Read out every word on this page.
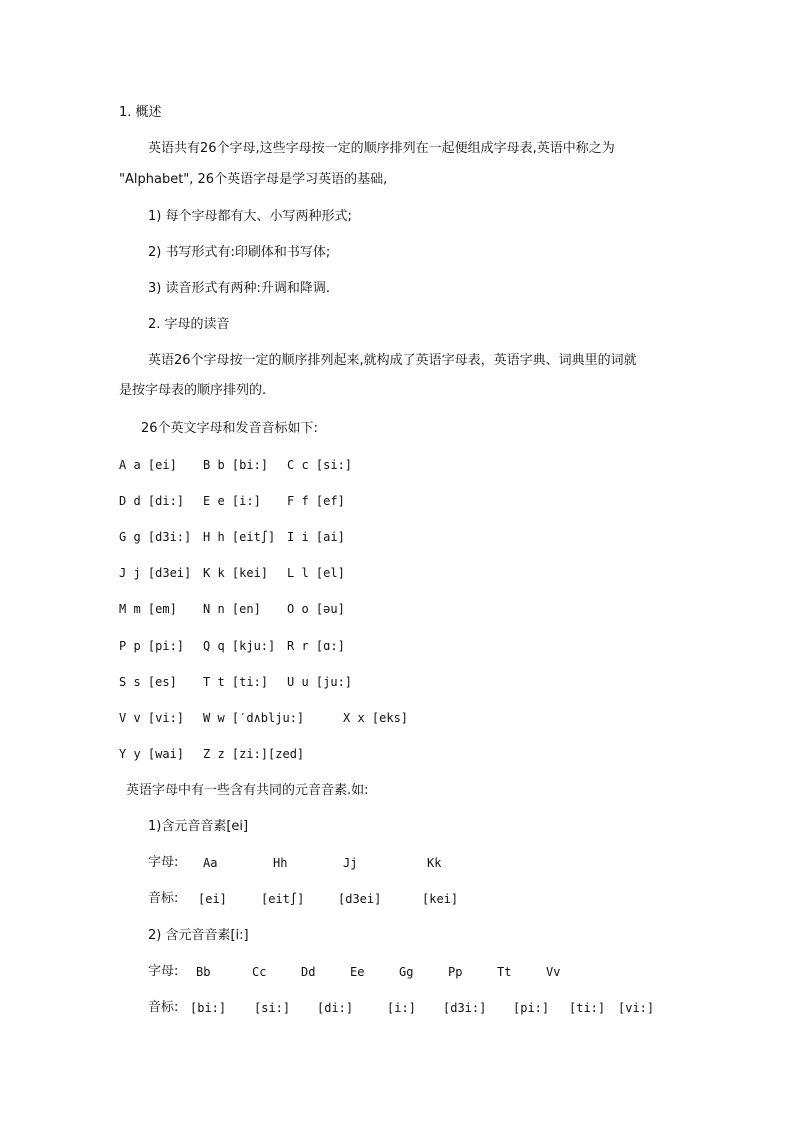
1. 概述
英语共有26个字母,这些字母按一定的顺序排列在一起便组成字母表,英语中称之为
"Alphabet", 26个英语字母是学习英语的基础,
1) 每个字母都有大、小写两种形式;
2) 书写形式有:印刷体和书写体;
3) 读音形式有两种:升调和降调.
2. 字母的读音
英语26个字母按一定的顺序排列起来,就构成了英语字母表，英语字典、词典里的词就
是按字母表的顺序排列的.
26个英文字母和发音音标如下:
A a [ei] B b [bi:] C c [si:]
D d [di:] E e [i:] F f [ef]
G g [d3i:] H h [eit∫] I i [ai]
J j [d3ei] K k [kei] L l [el]
M m [em] N n [en] O o [əu]
P p [pi:] Q q [kju:] R r [ɑ:]
S s [es] T t [ti:] U u [ju:]
V v [vi:] W w [′d∧blju:]	X x [eks]
Y y [wai] Z z [zi:][zed]
英语字母中有一些含有共同的元音音素.如:
1)含元音音素[ei]
字母: Aa	Hh	Jj	Kk
音标: [ei]	[eit∫]	[d3ei]	[kei]
2) 含元音音素[i:]
字母: Bb	Cc	Dd	Ee	Gg	Pp	Tt	Vv
音标: [bi:] [si:] [di:]	[i:] [d3i:] [pi:] [ti:] [vi:]
